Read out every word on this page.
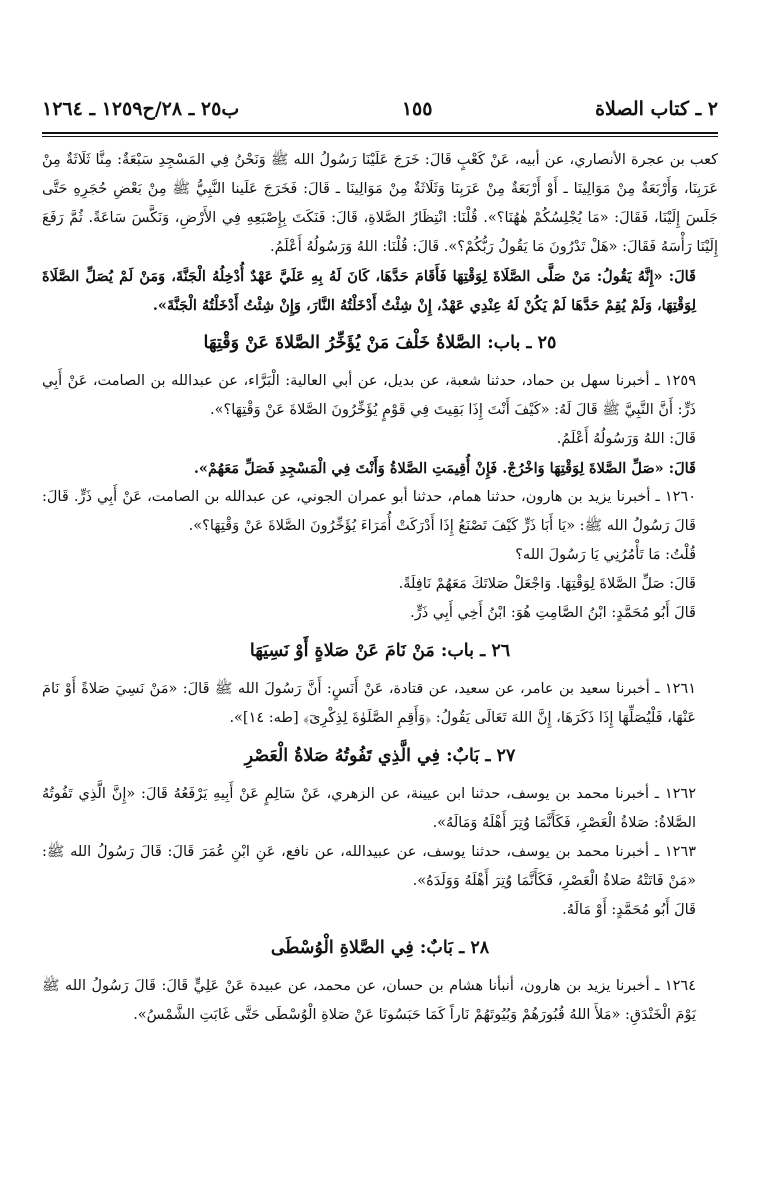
٢ ـ كتاب الصلاة
١٥٥
ب٢٥ ـ ٢٨/ح١٢٥٩ ـ ١٢٦٤

كعب بن عجرة الأنصاري، عن أبيه، عَنْ كَعْبٍ قَالَ: خَرَجَ عَلَيْنَا رَسُولُ الله ﷺ وَنَحْنُ فِي المَسْجِدِ سَبْعَةٌ: مِنَّا ثَلَاثَةٌ مِنْ عَرَبِنَا، وَأَرْبَعَةٌ مِنْ مَوَالِينَا ـ أَوْ أَرْبَعَةٌ مِنْ عَرَبِنَا وَثَلَاثَةٌ مِنْ مَوَالِينَا ـ قَالَ: فَخَرَجَ عَلَينا النَّبِيُّ ﷺ مِنْ بَعْضِ حُجَرِهِ حَتَّى جَلَسَ إِلَيْنَا، فَقَالَ: «مَا يُجْلِسُكُمْ هٰهُنَا؟». قُلْنَا: انْتِظَارُ الصَّلاةِ، قَالَ: فَنَكَتَ بِإِصْبَعِهِ فِي الأَرْضِ، وَنَكَّسَ سَاعَةً. ثُمَّ رَفَعَ إِلَيْنَا رَأْسَهُ فَقَالَ: «هَلْ تَدْرُونَ مَا يَقُولُ رَبُّكُمْ؟». قَالَ: قُلْنَا: اللهُ وَرَسُولُهُ أَعْلَمُ.

قَالَ: «إِنَّهُ يَقُولُ: مَنْ صَلَّى الصَّلَاةَ لِوَقْتِهَا فَأَقَامَ حَدَّهَا، كَانَ لَهُ بِهِ عَلَيَّ عَهْدٌ أُدْخِلُهُ الْجَنَّةَ، وَمَنْ لَمْ يُصَلِّ الصَّلَاةَ لِوَقْتِهَا، وَلَمْ يُقِمْ حَدَّهَا لَمْ يَكُنْ لَهُ عِنْدِي عَهْدٌ، إِنْ شِئْتُ أَدْخَلْتُهُ النَّارَ، وَإِنْ شِئْتُ أَدْخَلْتُهُ الْجَنَّةَ».

٢٥ ـ باب: الصَّلاةُ خَلْفَ مَنْ يُؤَخِّرُ الصَّلاةَ عَنْ وَقْتِهَا

١٢٥٩ ـ أخبرنا سهل بن حماد، حدثنا شعبة، عن بديل، عن أبي العالية: الْبَرَّاء، عن عبدالله بن الصامت، عَنْ أَبِي ذَرٍّ: أَنَّ النَّبِيَّ ﷺ قَالَ لَهُ: «كَيْفَ أَنْتَ إِذَا بَقِيتَ فِي قَوْمٍ يُؤَخِّرُونَ الصَّلاةَ عَنْ وَقْتِهَا؟».

قَالَ: اللهُ وَرَسُولُهُ أَعْلَمُ.

قَالَ: «صَلِّ الصَّلاةَ لِوَقْتِهَا وَاخْرُجْ. فَإِنْ أُقِيمَتِ الصَّلاةُ وَأَنْتَ فِي الْمَسْجِدِ فَصَلِّ مَعَهُمْ».

١٢٦٠ ـ أخبرنا يزيد بن هارون، حدثنا همام، حدثنا أبو عمران الجوني، عن عبدالله بن الصامت، عَنْ أَبِي ذَرٍّ. قَالَ: قَالَ رَسُولُ الله ﷺ: «يَا أَبَا ذَرٍّ كَيْفَ تَصْنَعُ إِذَا أَدْرَكَتْ أُمَرَاءَ يُؤَخِّرُونَ الصَّلاةَ عَنْ وَقْتِهَا؟».

قُلْتُ: مَا تَأْمُرُنِي يَا رَسُولَ الله؟

قَالَ: صَلِّ الصَّلاةَ لِوَقْتِهَا. وَاجْعَلْ صَلاتَكَ مَعَهُمْ نَافِلَةً.

قَالَ أَبُو مُحَمَّدٍ: ابْنُ الصَّامِتِ هُوَ: ابْنُ أَخِي أَبِي ذَرٍّ.

٢٦ ـ باب: مَنْ نَامَ عَنْ صَلاةٍ أَوْ نَسِيَهَا

١٢٦١ ـ أخبرنا سعيد بن عامر، عن سعيد، عن قتادة، عَنْ أَنَسٍ: أَنَّ رَسُولَ الله ﷺ قَالَ: «مَنْ نَسِيَ صَلاةً أَوْ نَامَ عَنْهَا، فَلْيُصَلِّهَا إِذَا ذَكَرَهَا، إِنَّ اللهَ تَعَالَى يَقُولُ: ﴿وَأَقِمِ الصَّلَوٰةَ لِذِكْرِىٓ﴾ [طه: ١٤]».

٢٧ ـ بَابٌ: فِي الَّذِي تَفُوتُهُ صَلاةُ الْعَصْرِ

١٢٦٢ ـ أخبرنا محمد بن يوسف، حدثنا ابن عيينة، عن الزهري، عَنْ سَالِمٍ عَنْ أَبِيهِ يَرْفَعُهُ قَالَ: «إِنَّ الَّذِي تَفُوتُهُ الصَّلاةُ: صَلاةُ الْعَصْرِ، فَكَأَنَّمَا وُتِرَ أَهْلَهُ وَمَالَهُ».

١٢٦٣ ـ أخبرنا محمد بن يوسف، حدثنا يوسف، عن عبيدالله، عن نافع، عَنِ ابْنِ عُمَرَ قَالَ: قَالَ رَسُولُ الله ﷺ: «مَنْ فَاتَتْهُ صَلاةُ الْعَصْرِ، فَكَأَنَّمَا وُتِرَ أَهْلَهُ وَوَلَدَهُ».

قَالَ أَبُو مُحَمَّدٍ: أَوْ مَالَهُ.

٢٨ ـ بَابٌ: فِي الصَّلاةِ الْوُسْطَى

١٢٦٤ ـ أخبرنا يزيد بن هارون، أنبأنا هشام بن حسان، عن محمد، عن عبيدة عَنْ عَلِيٍّ قَالَ: قَالَ رَسُولُ الله ﷺ يَوْمَ الْخَنْدَقِ: «مَلأَ اللهُ قُبُورَهُمْ وَبُيُوتَهُمْ نَاراً كَمَا حَبَسُونَا عَنْ صَلاةِ الْوُسْطَى حَتَّى غَابَتِ الشَّمْسُ».
